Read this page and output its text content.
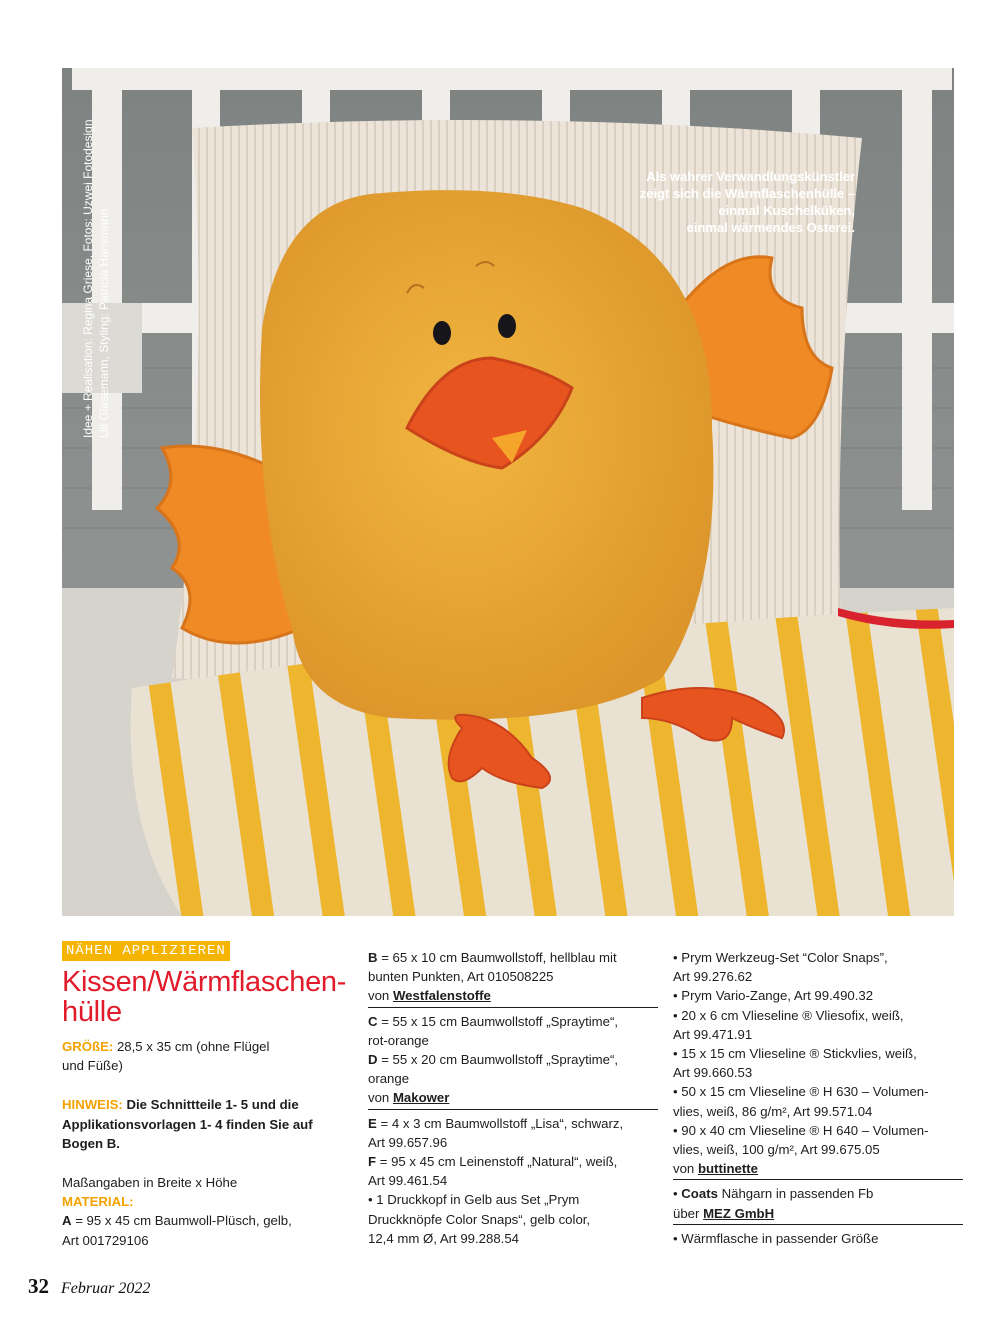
Idee + Realisation: Regina Griese, Fotos: Uzwei Fotodesign Uli Glasemann, Styling: Patricia Hansmann
Als wahrer Verwandlungskünstler
zeigt sich die Wärmflaschenhülle –
einmal Kuschelküken,
einmal wärmendes Osterei.
NÄHEN APPLIZIEREN
Kissen/Wärmflaschen-
hülle
GRÖßE: 28,5 x 35 cm (ohne Flügel
und Füße)
HINWEIS: Die Schnittteile 1- 5 und die
Applikationsvorlagen 1- 4 finden Sie auf
Bogen B.
Maßangaben in Breite x Höhe
MATERIAL:
A = 95 x 45 cm Baumwoll-Plüsch, gelb,
Art 001729106
B = 65 x 10 cm Baumwollstoff, hellblau mit
bunten Punkten, Art 010508225
von Westfalenstoffe
C = 55 x 15 cm Baumwollstoff „Spraytime“,
rot-orange
D = 55 x 20 cm Baumwollstoff „Spraytime“,
orange
von Makower
E = 4 x 3 cm Baumwollstoff „Lisa“, schwarz,
Art 99.657.96
F = 95 x 45 cm Leinenstoff „Natural“, weiß,
Art 99.461.54
• 1 Druckkopf in Gelb aus Set „Prym
Druckknöpfe Color Snaps“, gelb color,
12,4 mm Ø, Art 99.288.54
• Prym Werkzeug-Set “Color Snaps”,
Art 99.276.62
• Prym Vario-Zange, Art 99.490.32
• 20 x 6 cm Vlieseline ® Vliesofix, weiß,
Art 99.471.91
• 15 x 15 cm Vlieseline ® Stickvlies, weiß,
Art 99.660.53
• 50 x 15 cm Vlieseline ® H 630 – Volumen-
vlies, weiß, 86 g/m², Art 99.571.04
• 90 x 40 cm Vlieseline ® H 640 – Volumen-
vlies, weiß, 100 g/m², Art 99.675.05
von buttinette
• Coats Nähgarn in passenden Fb
über MEZ GmbH
• Wärmflasche in passender Größe
32 Februar 2022
